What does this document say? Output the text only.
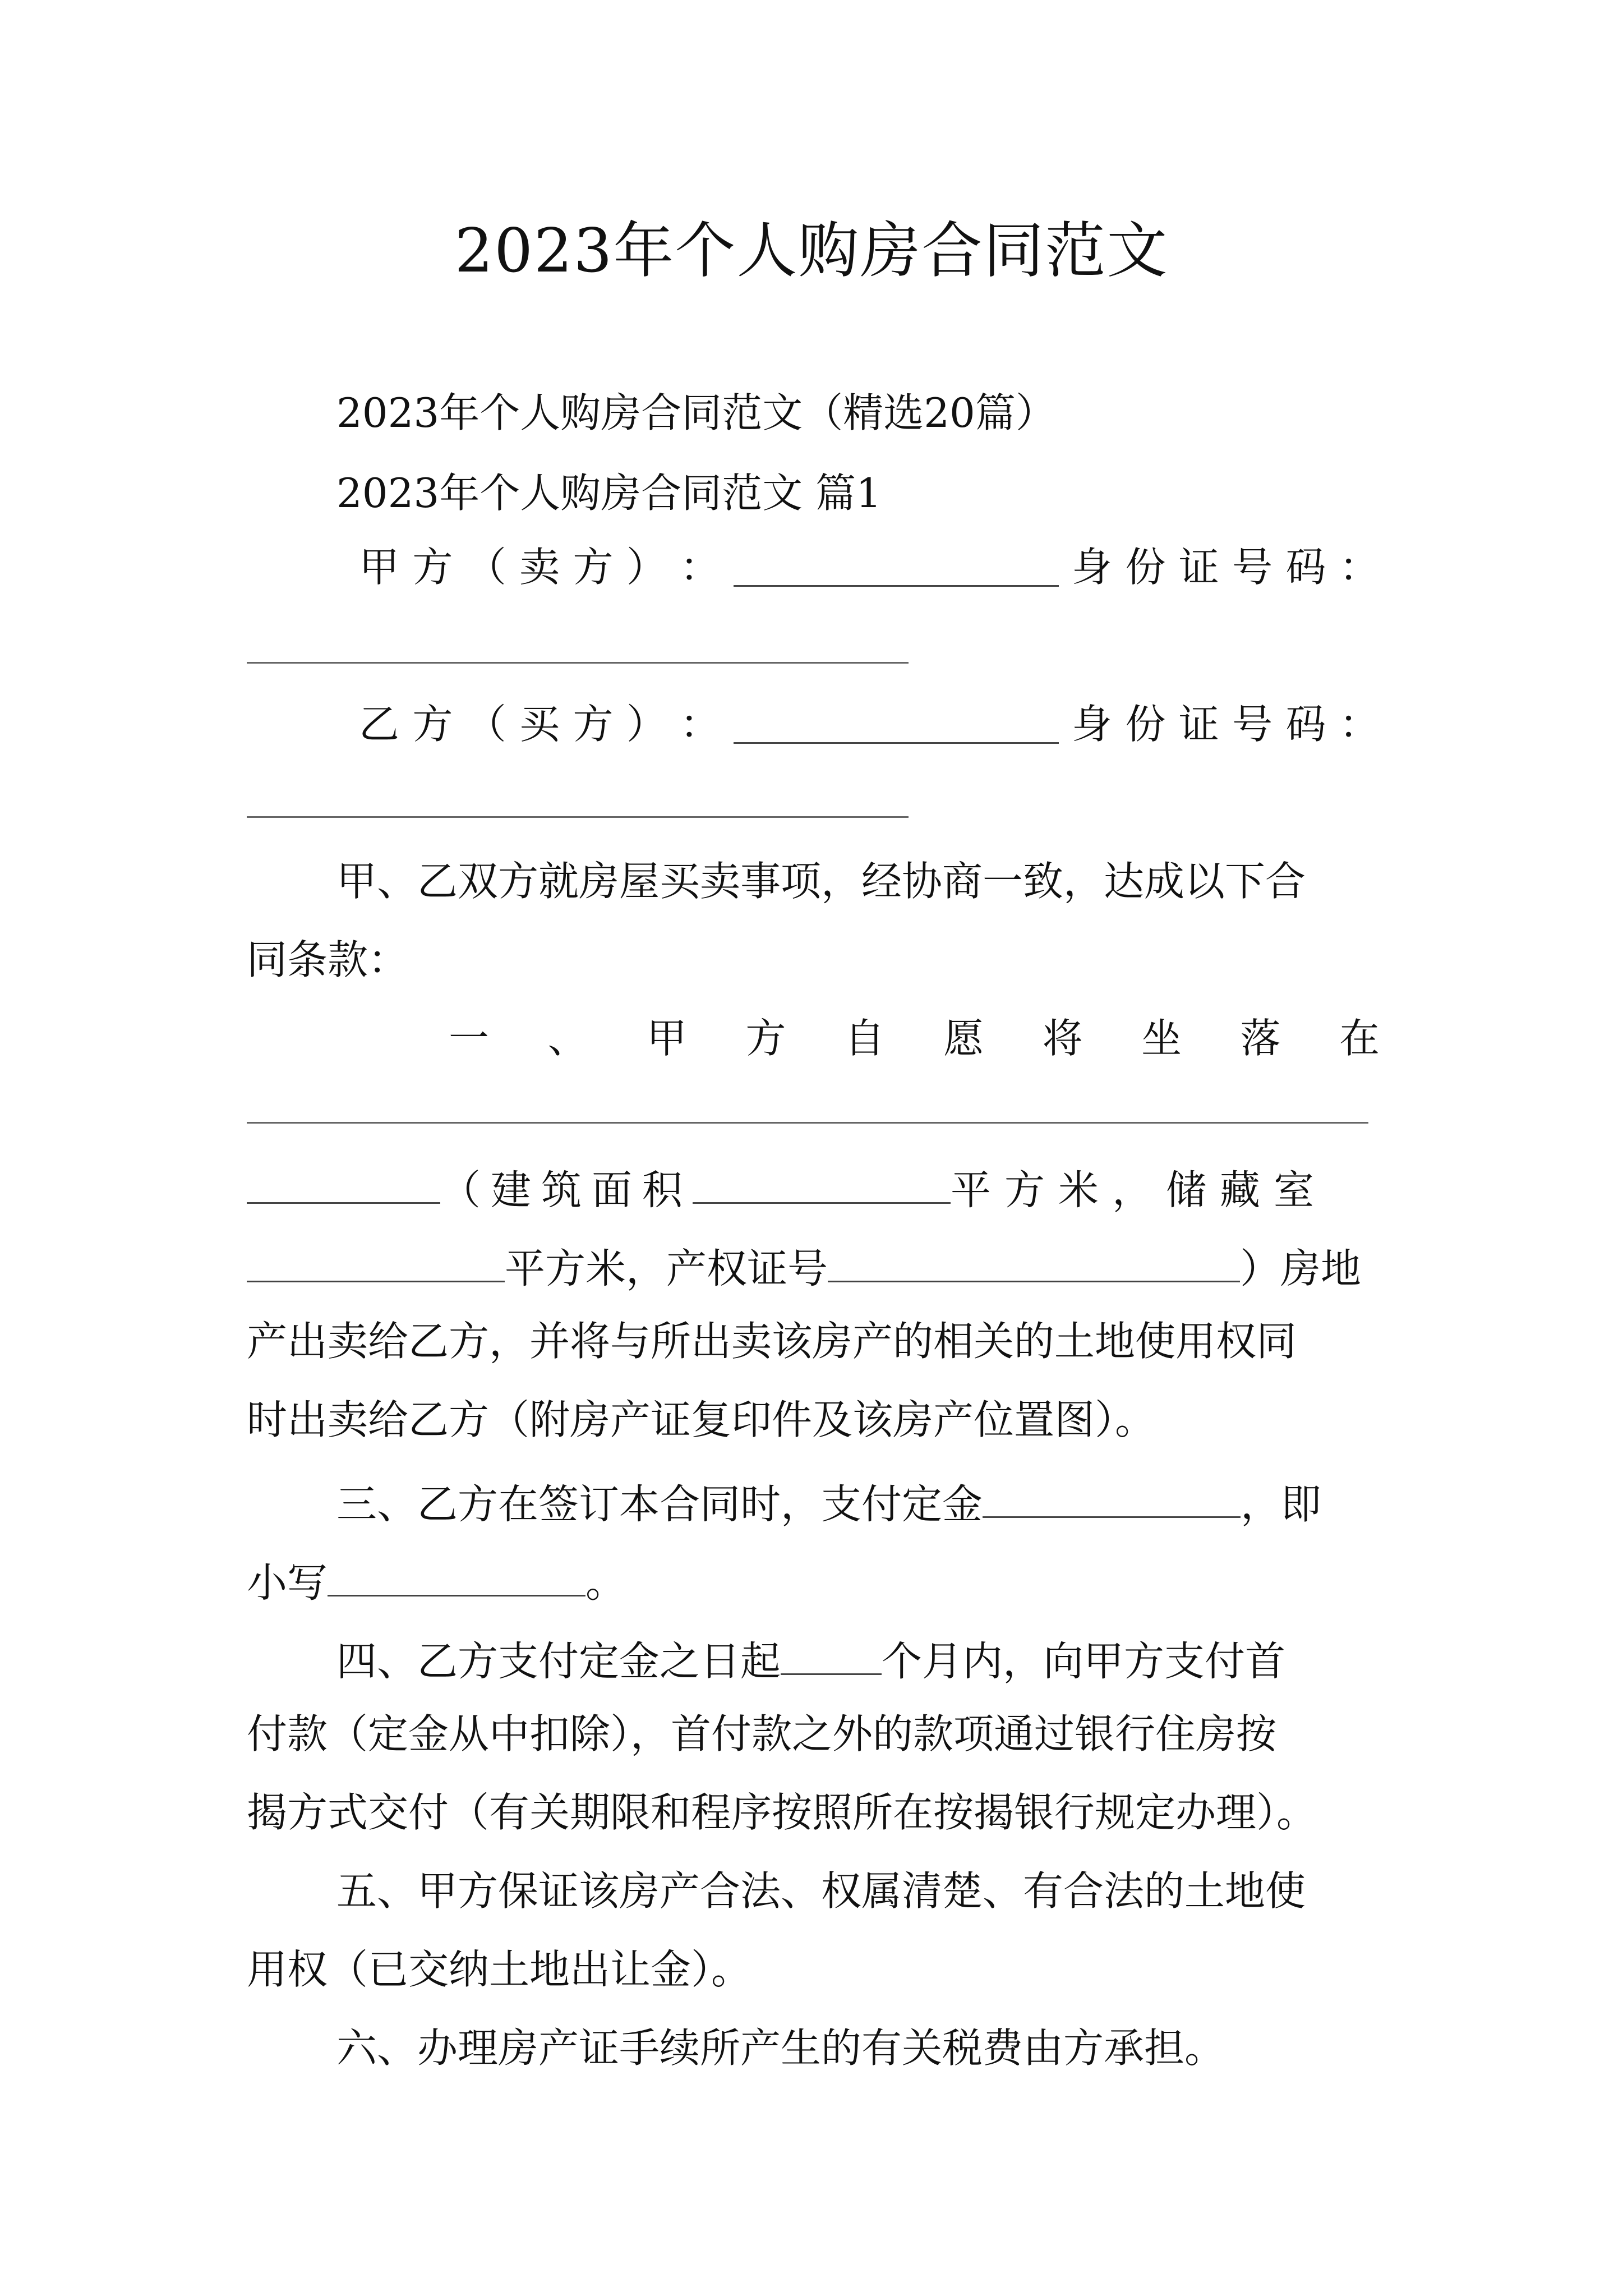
2023年个人购房合同范文
2023年个人购房合同范文（精选20篇）
2023年个人购房合同范文 篇1
甲 方 （ 卖 方 ） ：	身 份 证 号 码 ：
乙 方 （ 买 方 ） ：	身 份 证 号 码 ：
甲、乙双方就房屋买卖事项，经协商一致，达成以下合
同条款：
一 、 甲 方 自 愿 将 坐 落 在
（建筑面积	平方米，储藏室
平方米，产权证号	）房地
产出卖给乙方，并将与所出卖该房产的相关的土地使用权同
时出卖给乙方（附房产证复印件及该房产位置图）。
三、乙方在签订本合同时，支付定金	，即
小写	。
四、乙方支付定金之日起	个月内，向甲方支付首
付款（定金从中扣除），首付款之外的款项通过银行住房按
揭方式交付（有关期限和程序按照所在按揭银行规定办理）。
五、甲方保证该房产合法、权属清楚、有合法的土地使
用权（已交纳土地出让金）。
六、办理房产证手续所产生的有关税费由方承担。
